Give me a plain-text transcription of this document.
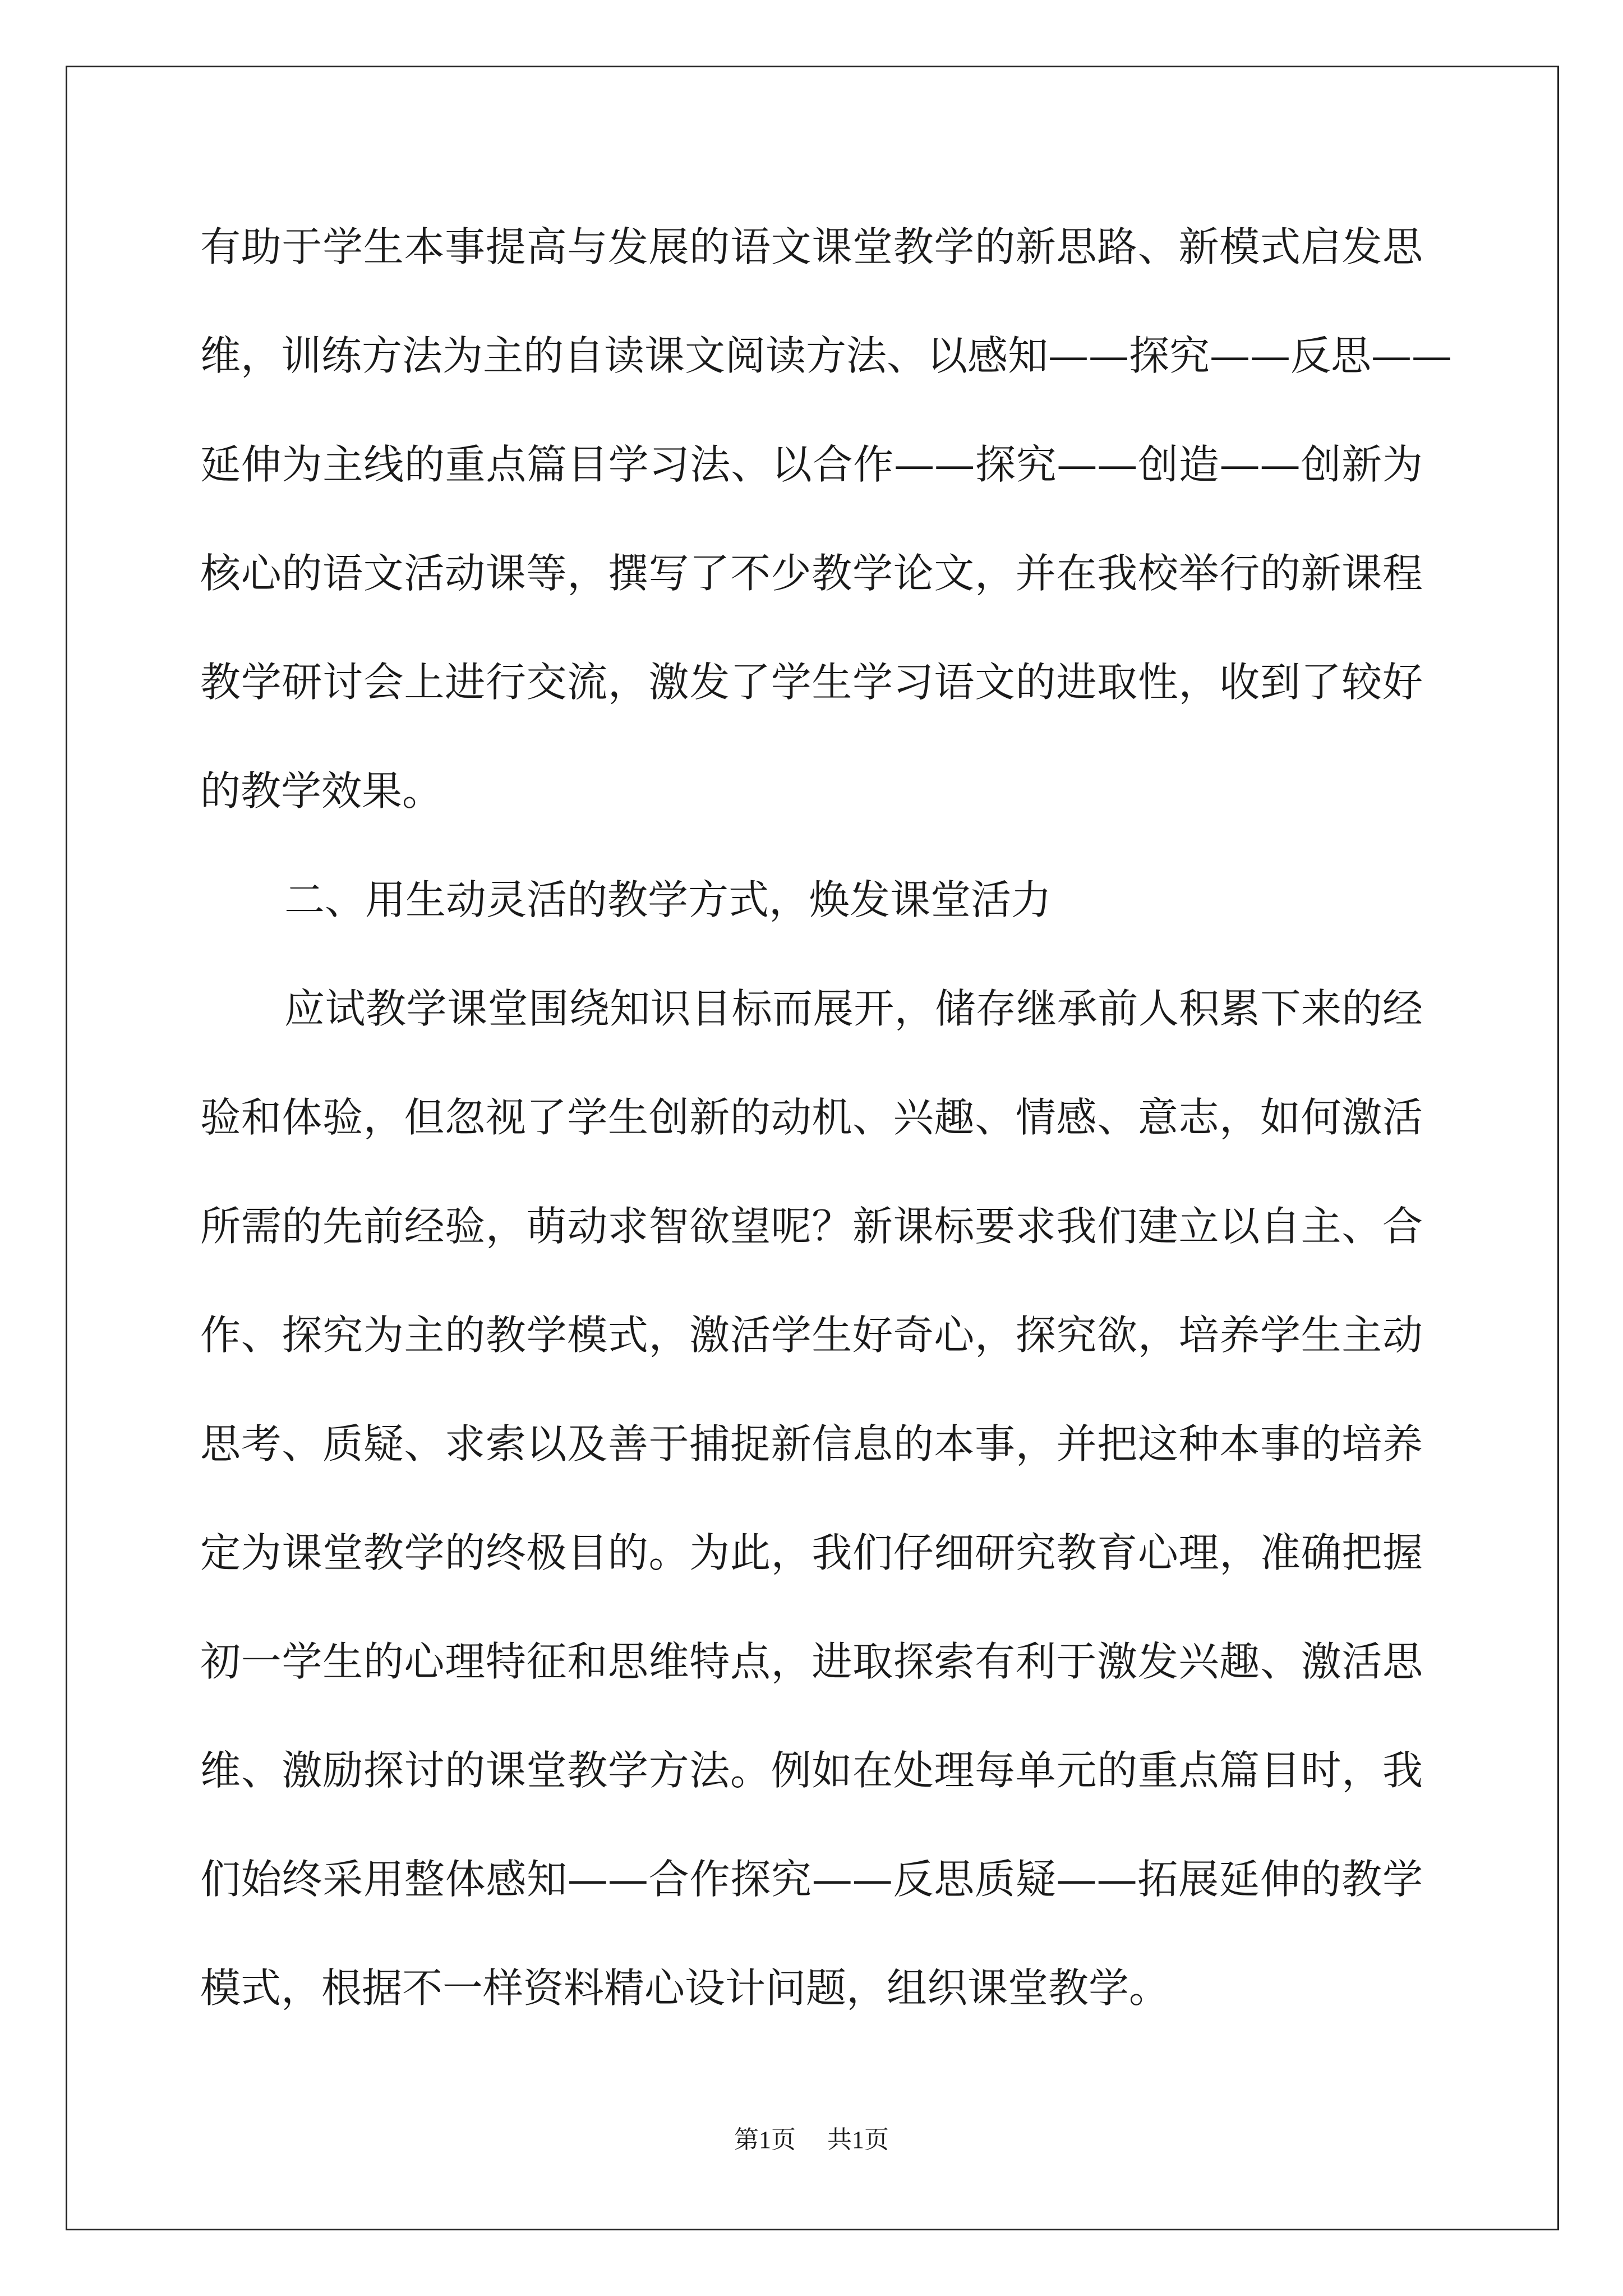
有助于学生本事提高与发展的语文课堂教学的新思路、新模式启发思
维，训练方法为主的自读课文阅读方法、以感知——探究——反思——
延伸为主线的重点篇目学习法、以合作——探究——创造——创新为
核心的语文活动课等，撰写了不少教学论文，并在我校举行的新课程
教学研讨会上进行交流，激发了学生学习语文的进取性，收到了较好
的教学效果。
二、用生动灵活的教学方式，焕发课堂活力
应试教学课堂围绕知识目标而展开，储存继承前人积累下来的经
验和体验，但忽视了学生创新的动机、兴趣、情感、意志，如何激活
所需的先前经验，萌动求智欲望呢？新课标要求我们建立以自主、合
作、探究为主的教学模式，激活学生好奇心，探究欲，培养学生主动
思考、质疑、求索以及善于捕捉新信息的本事，并把这种本事的培养
定为课堂教学的终极目的。为此，我们仔细研究教育心理，准确把握
初一学生的心理特征和思维特点，进取探索有利于激发兴趣、激活思
维、激励探讨的课堂教学方法。例如在处理每单元的重点篇目时，我
们始终采用整体感知——合作探究——反思质疑——拓展延伸的教学
模式，根据不一样资料精心设计问题，组织课堂教学。
第1页 共1页
